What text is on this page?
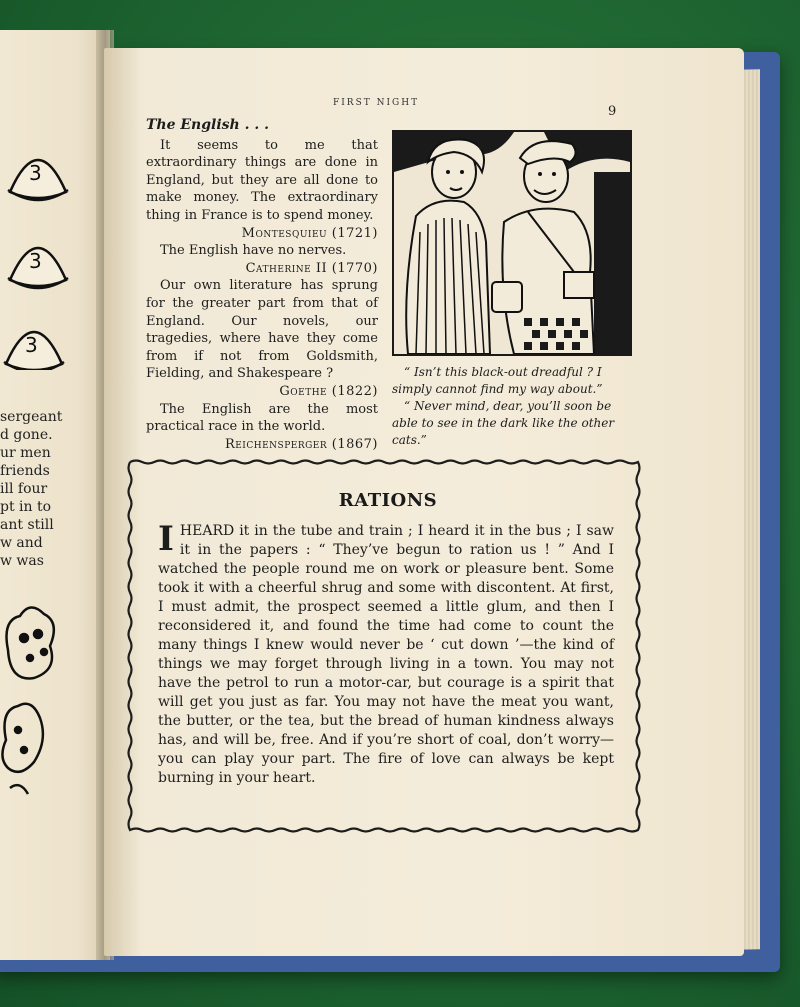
3
3
3
sergeant
d gone.
ur men
friends
ill four
pt in to
ant still
w and
w was
FIRST NIGHT
9
The English . . .
It seems to me that extraordinary things are done in England, but they are all done to make money. The extraordinary thing in France is to spend money.
Montesquieu (1721)
The English have no nerves.
Catherine II (1770)
Our own literature has sprung for the greater part from that of England. Our novels, our tragedies, where have they come from if not from Goldsmith, Fielding, and Shakespeare ?
Goethe (1822)
The English are the most practical race in the world.
Reichensperger (1867)

“ Isn’t this black-out dreadful ? I simply cannot find my way about.”

“ Never mind, dear, you’ll soon be able to see in the dark like the other cats.”

RATIONS
IHEARD it in the tube and train ; I heard it in the bus ; I saw it in the papers : “ They’ve begun to ration us ! ” And I watched the people round me on work or pleasure bent. Some took it with a cheerful shrug and some with discontent. At first, I must admit, the prospect seemed a little glum, and then I reconsidered it, and found the time had come to count the many things I knew would never be ‘ cut down ’—the kind of things we may forget through living in a town. You may not have the petrol to run a motor-car, but courage is a spirit that will get you just as far. You may not have the meat you want, the butter, or the tea, but the bread of human kindness always has, and will be, free. And if you’re short of coal, don’t worry—you can play your part. The fire of love can always be kept burning in your heart.
